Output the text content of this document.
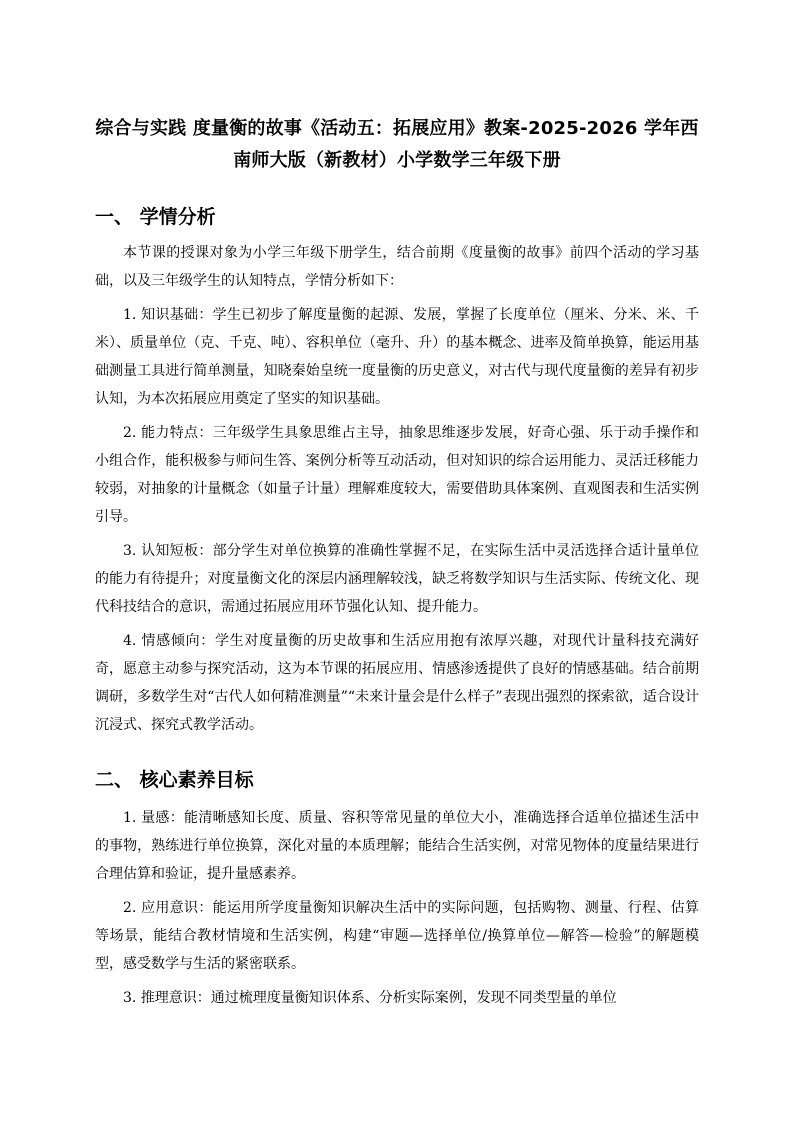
综合与实践 度量衡的故事《活动五：拓展应用》教案-2025-2026 学年西南师大版（新教材）小学数学三年级下册
一、 学情分析

本节课的授课对象为小学三年级下册学生，结合前期《度量衡的故事》前四个活动的学习基础，以及三年级学生的认知特点，学情分析如下：

1. 知识基础：学生已初步了解度量衡的起源、发展，掌握了长度单位（厘米、分米、米、千米）、质量单位（克、千克、吨）、容积单位（毫升、升）的基本概念、进率及简单换算，能运用基础测量工具进行简单测量，知晓秦始皇统一度量衡的历史意义，对古代与现代度量衡的差异有初步认知，为本次拓展应用奠定了坚实的知识基础。

2. 能力特点：三年级学生具象思维占主导，抽象思维逐步发展，好奇心强、乐于动手操作和小组合作，能积极参与师问生答、案例分析等互动活动，但对知识的综合运用能力、灵活迁移能力较弱，对抽象的计量概念（如量子计量）理解难度较大，需要借助具体案例、直观图表和生活实例引导。

3. 认知短板：部分学生对单位换算的准确性掌握不足，在实际生活中灵活选择合适计量单位的能力有待提升；对度量衡文化的深层内涵理解较浅，缺乏将数学知识与生活实际、传统文化、现代科技结合的意识，需通过拓展应用环节强化认知、提升能力。

4. 情感倾向：学生对度量衡的历史故事和生活应用抱有浓厚兴趣，对现代计量科技充满好奇，愿意主动参与探究活动，这为本节课的拓展应用、情感渗透提供了良好的情感基础。结合前期调研，多数学生对“古代人如何精准测量”“未来计量会是什么样子”表现出强烈的探索欲，适合设计沉浸式、探究式教学活动。

二、 核心素养目标

1. 量感：能清晰感知长度、质量、容积等常见量的单位大小，准确选择合适单位描述生活中的事物，熟练进行单位换算，深化对量的本质理解；能结合生活实例，对常见物体的度量结果进行合理估算和验证，提升量感素养。

2. 应用意识：能运用所学度量衡知识解决生活中的实际问题，包括购物、测量、行程、估算等场景，能结合教材情境和生活实例，构建“审题—选择单位/换算单位—解答—检验”的解题模型，感受数学与生活的紧密联系。

3. 推理意识：通过梳理度量衡知识体系、分析实际案例，发现不同类型量的单位
